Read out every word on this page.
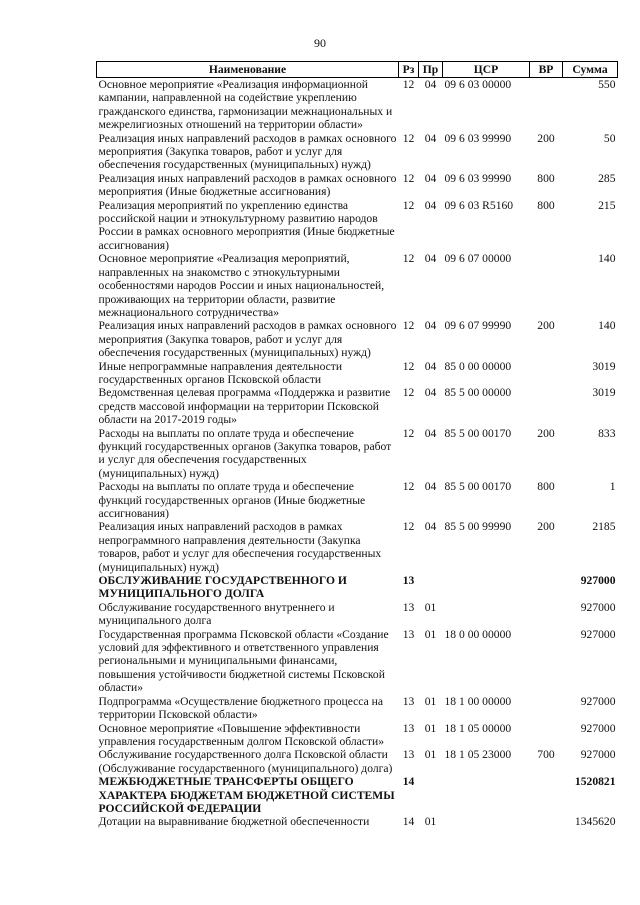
90
Наименование	Рз	Пр	ЦСР	ВР	Сумма
Основное мероприятие «Реализация информационной кампании, направленной на содействие укреплению гражданского единства, гармонизации межнациональных и межрелигиозных отношений на территории области»	12	04	09 6 03 00000		550
Реализация иных направлений расходов в рамках основного мероприятия (Закупка товаров, работ и услуг для обеспечения государственных (муниципальных) нужд)	12	04	09 6 03 99990	200	50
Реализация иных направлений расходов в рамках основного мероприятия (Иные бюджетные ассигнования)	12	04	09 6 03 99990	800	285
Реализация мероприятий по укреплению единства российской нации и этнокультурному развитию народов России в рамках основного мероприятия (Иные бюджетные ассигнования)	12	04	09 6 03 R5160	800	215
Основное мероприятие «Реализация мероприятий, направленных на знакомство с этнокультурными особенностями народов России и иных национальностей, проживающих на территории области, развитие межнационального сотрудничества»	12	04	09 6 07 00000		140
Реализация иных направлений расходов в рамках основного мероприятия (Закупка товаров, работ и услуг для обеспечения государственных (муниципальных) нужд)	12	04	09 6 07 99990	200	140
Иные непрограммные направления деятельности государственных органов Псковской области	12	04	85 0 00 00000		3019
Ведомственная целевая программа «Поддержка и развитие средств массовой информации на территории Псковской области на 2017-2019 годы»	12	04	85 5 00 00000		3019
Расходы на выплаты по оплате труда и обеспечение функций государственных органов (Закупка товаров, работ и услуг для обеспечения государственных (муниципальных) нужд)	12	04	85 5 00 00170	200	833
Расходы на выплаты по оплате труда и обеспечение функций государственных органов (Иные бюджетные ассигнования)	12	04	85 5 00 00170	800	1
Реализация иных направлений расходов в рамках непрограммного направления деятельности (Закупка товаров, работ и услуг для обеспечения государственных (муниципальных) нужд)	12	04	85 5 00 99990	200	2185
ОБСЛУЖИВАНИЕ ГОСУДАРСТВЕННОГО И МУНИЦИПАЛЬНОГО ДОЛГА	13				927000
Обслуживание государственного внутреннего и муниципального долга	13	01			927000
Государственная программа Псковской области «Создание условий для эффективного и ответственного управления региональными и муниципальными финансами, повышения устойчивости бюджетной системы Псковской области»	13	01	18 0 00 00000		927000
Подпрограмма «Осуществление бюджетного процесса на территории Псковской области»	13	01	18 1 00 00000		927000
Основное мероприятие «Повышение эффективности управления государственным долгом Псковской области»	13	01	18 1 05 00000		927000
Обслуживание государственного долга Псковской области (Обслуживание государственного (муниципального) долга)	13	01	18 1 05 23000	700	927000
МЕЖБЮДЖЕТНЫЕ ТРАНСФЕРТЫ ОБЩЕГО ХАРАКТЕРА БЮДЖЕТАМ БЮДЖЕТНОЙ СИСТЕМЫ РОССИЙСКОЙ ФЕДЕРАЦИИ	14				1520821
Дотации на выравнивание бюджетной обеспеченности	14	01			1345620
